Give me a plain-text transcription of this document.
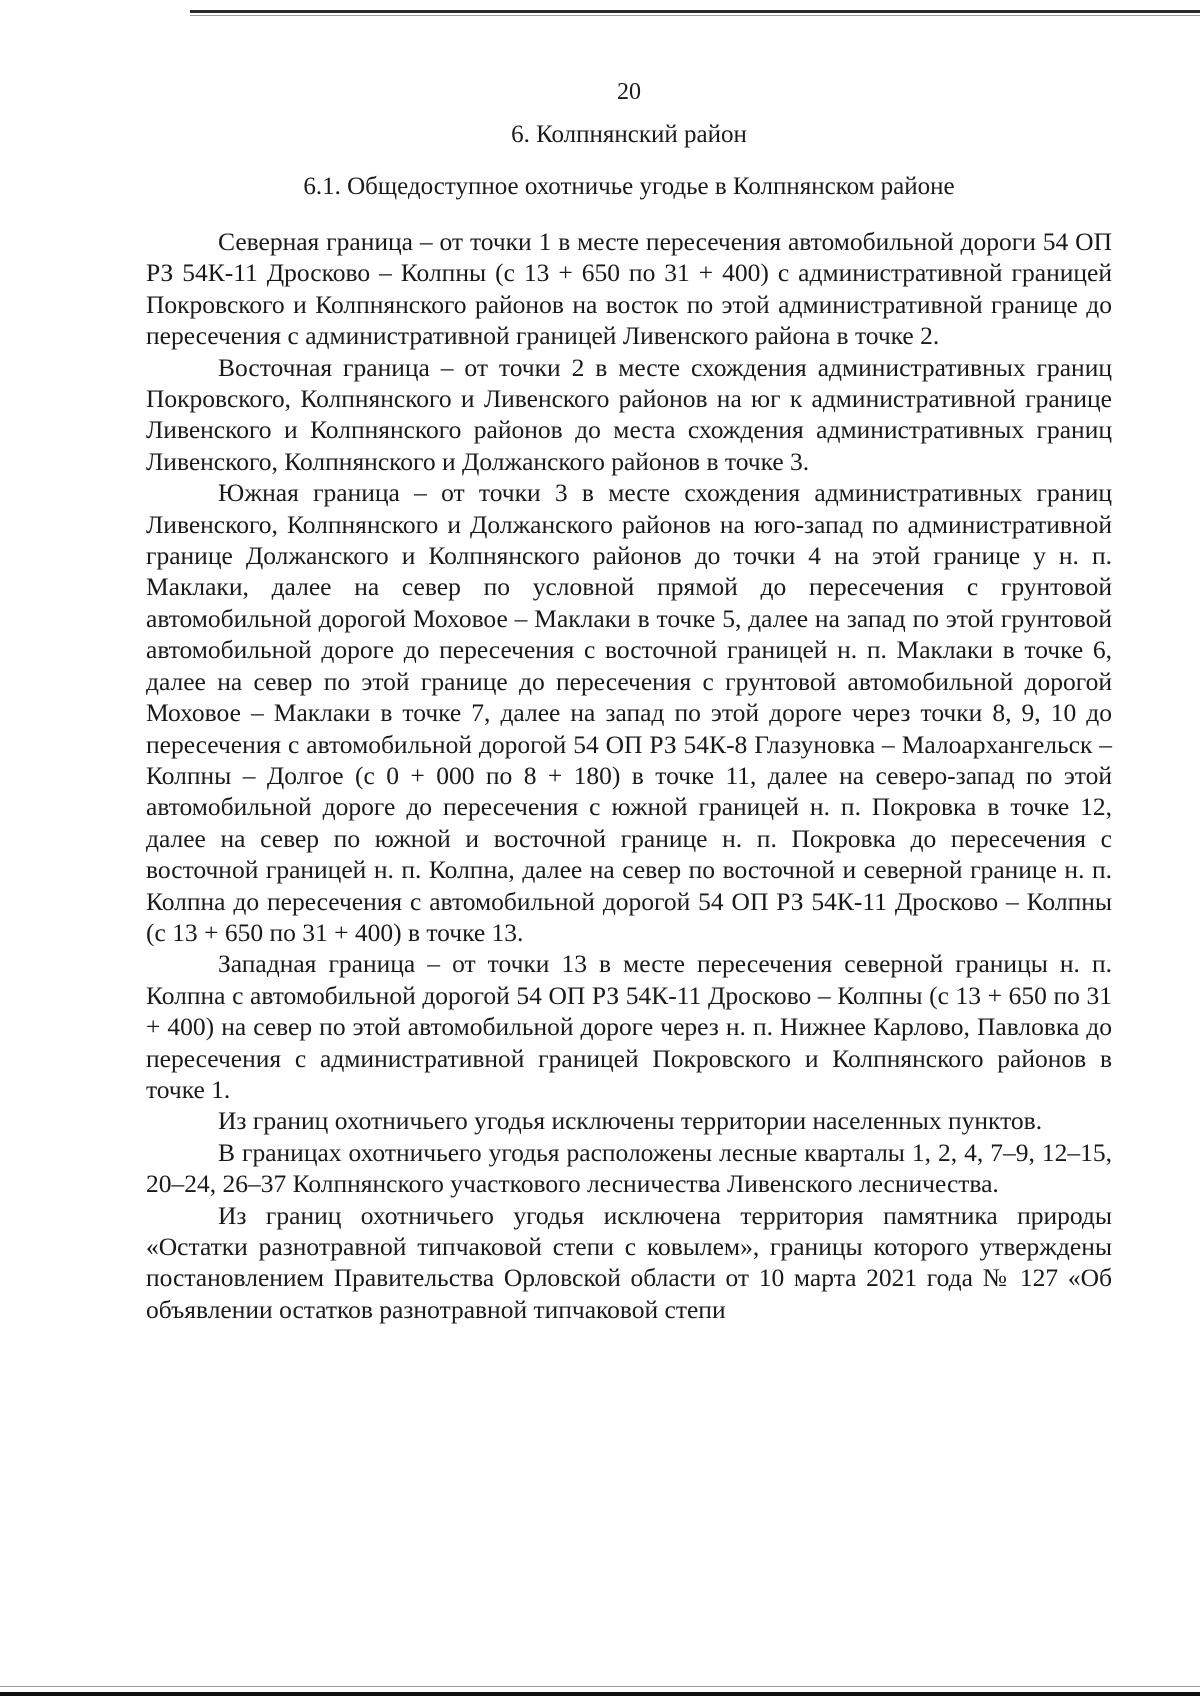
20
6. Колпнянский район
6.1. Общедоступное охотничье угодье в Колпнянском районе

Северная граница – от точки 1 в месте пересечения автомобильной дороги 54 ОП РЗ 54К-11 Дросково – Колпны (с 13 + 650 по 31 + 400) с административной границей Покровского и Колпнянского районов на восток по этой административной границе до пересечения с административной границей Ливенского района в точке 2.

Восточная граница – от точки 2 в месте схождения административных границ Покровского, Колпнянского и Ливенского районов на юг к административной границе Ливенского и Колпнянского районов до места схождения административных границ Ливенского, Колпнянского и Должанского районов в точке 3.

Южная граница – от точки 3 в месте схождения административных границ Ливенского, Колпнянского и Должанского районов на юго-запад по административной границе Должанского и Колпнянского районов до точки 4 на этой границе у н. п. Маклаки, далее на север по условной прямой до пересечения с грунтовой автомобильной дорогой Моховое – Маклаки в точке 5, далее на запад по этой грунтовой автомобильной дороге до пересечения с восточной границей н. п. Маклаки в точке 6, далее на север по этой границе до пересечения с грунтовой автомобильной дорогой Моховое – Маклаки в точке 7, далее на запад по этой дороге через точки 8, 9, 10 до пересечения с автомобильной дорогой 54 ОП РЗ 54К-8 Глазуновка – Малоархангельск – Колпны – Долгое (с 0 + 000 по 8 + 180) в точке 11, далее на северо-запад по этой автомобильной дороге до пересечения с южной границей н. п. Покровка в точке 12, далее на север по южной и восточной границе н. п. Покровка до пересечения с восточной границей н. п. Колпна, далее на север по восточной и северной границе н. п. Колпна до пересечения с автомобильной дорогой 54 ОП РЗ 54К-11 Дросково – Колпны (с 13 + 650 по 31 + 400) в точке 13.

Западная граница – от точки 13 в месте пересечения северной границы н. п. Колпна с автомобильной дорогой 54 ОП РЗ 54К-11 Дросково – Колпны (с 13 + 650 по 31 + 400) на север по этой автомобильной дороге через н. п. Нижнее Карлово, Павловка до пересечения с административной границей Покровского и Колпнянского районов в точке 1.

Из границ охотничьего угодья исключены территории населенных пунктов.

В границах охотничьего угодья расположены лесные кварталы 1, 2, 4, 7–9, 12–15, 20–24, 26–37 Колпнянского участкового лесничества Ливенского лесничества.

Из границ охотничьего угодья исключена территория памятника природы «Остатки разнотравной типчаковой степи с ковылем», границы которого утверждены постановлением Правительства Орловской области от 10 марта 2021 года № 127 «Об объявлении остатков разнотравной типчаковой степи
